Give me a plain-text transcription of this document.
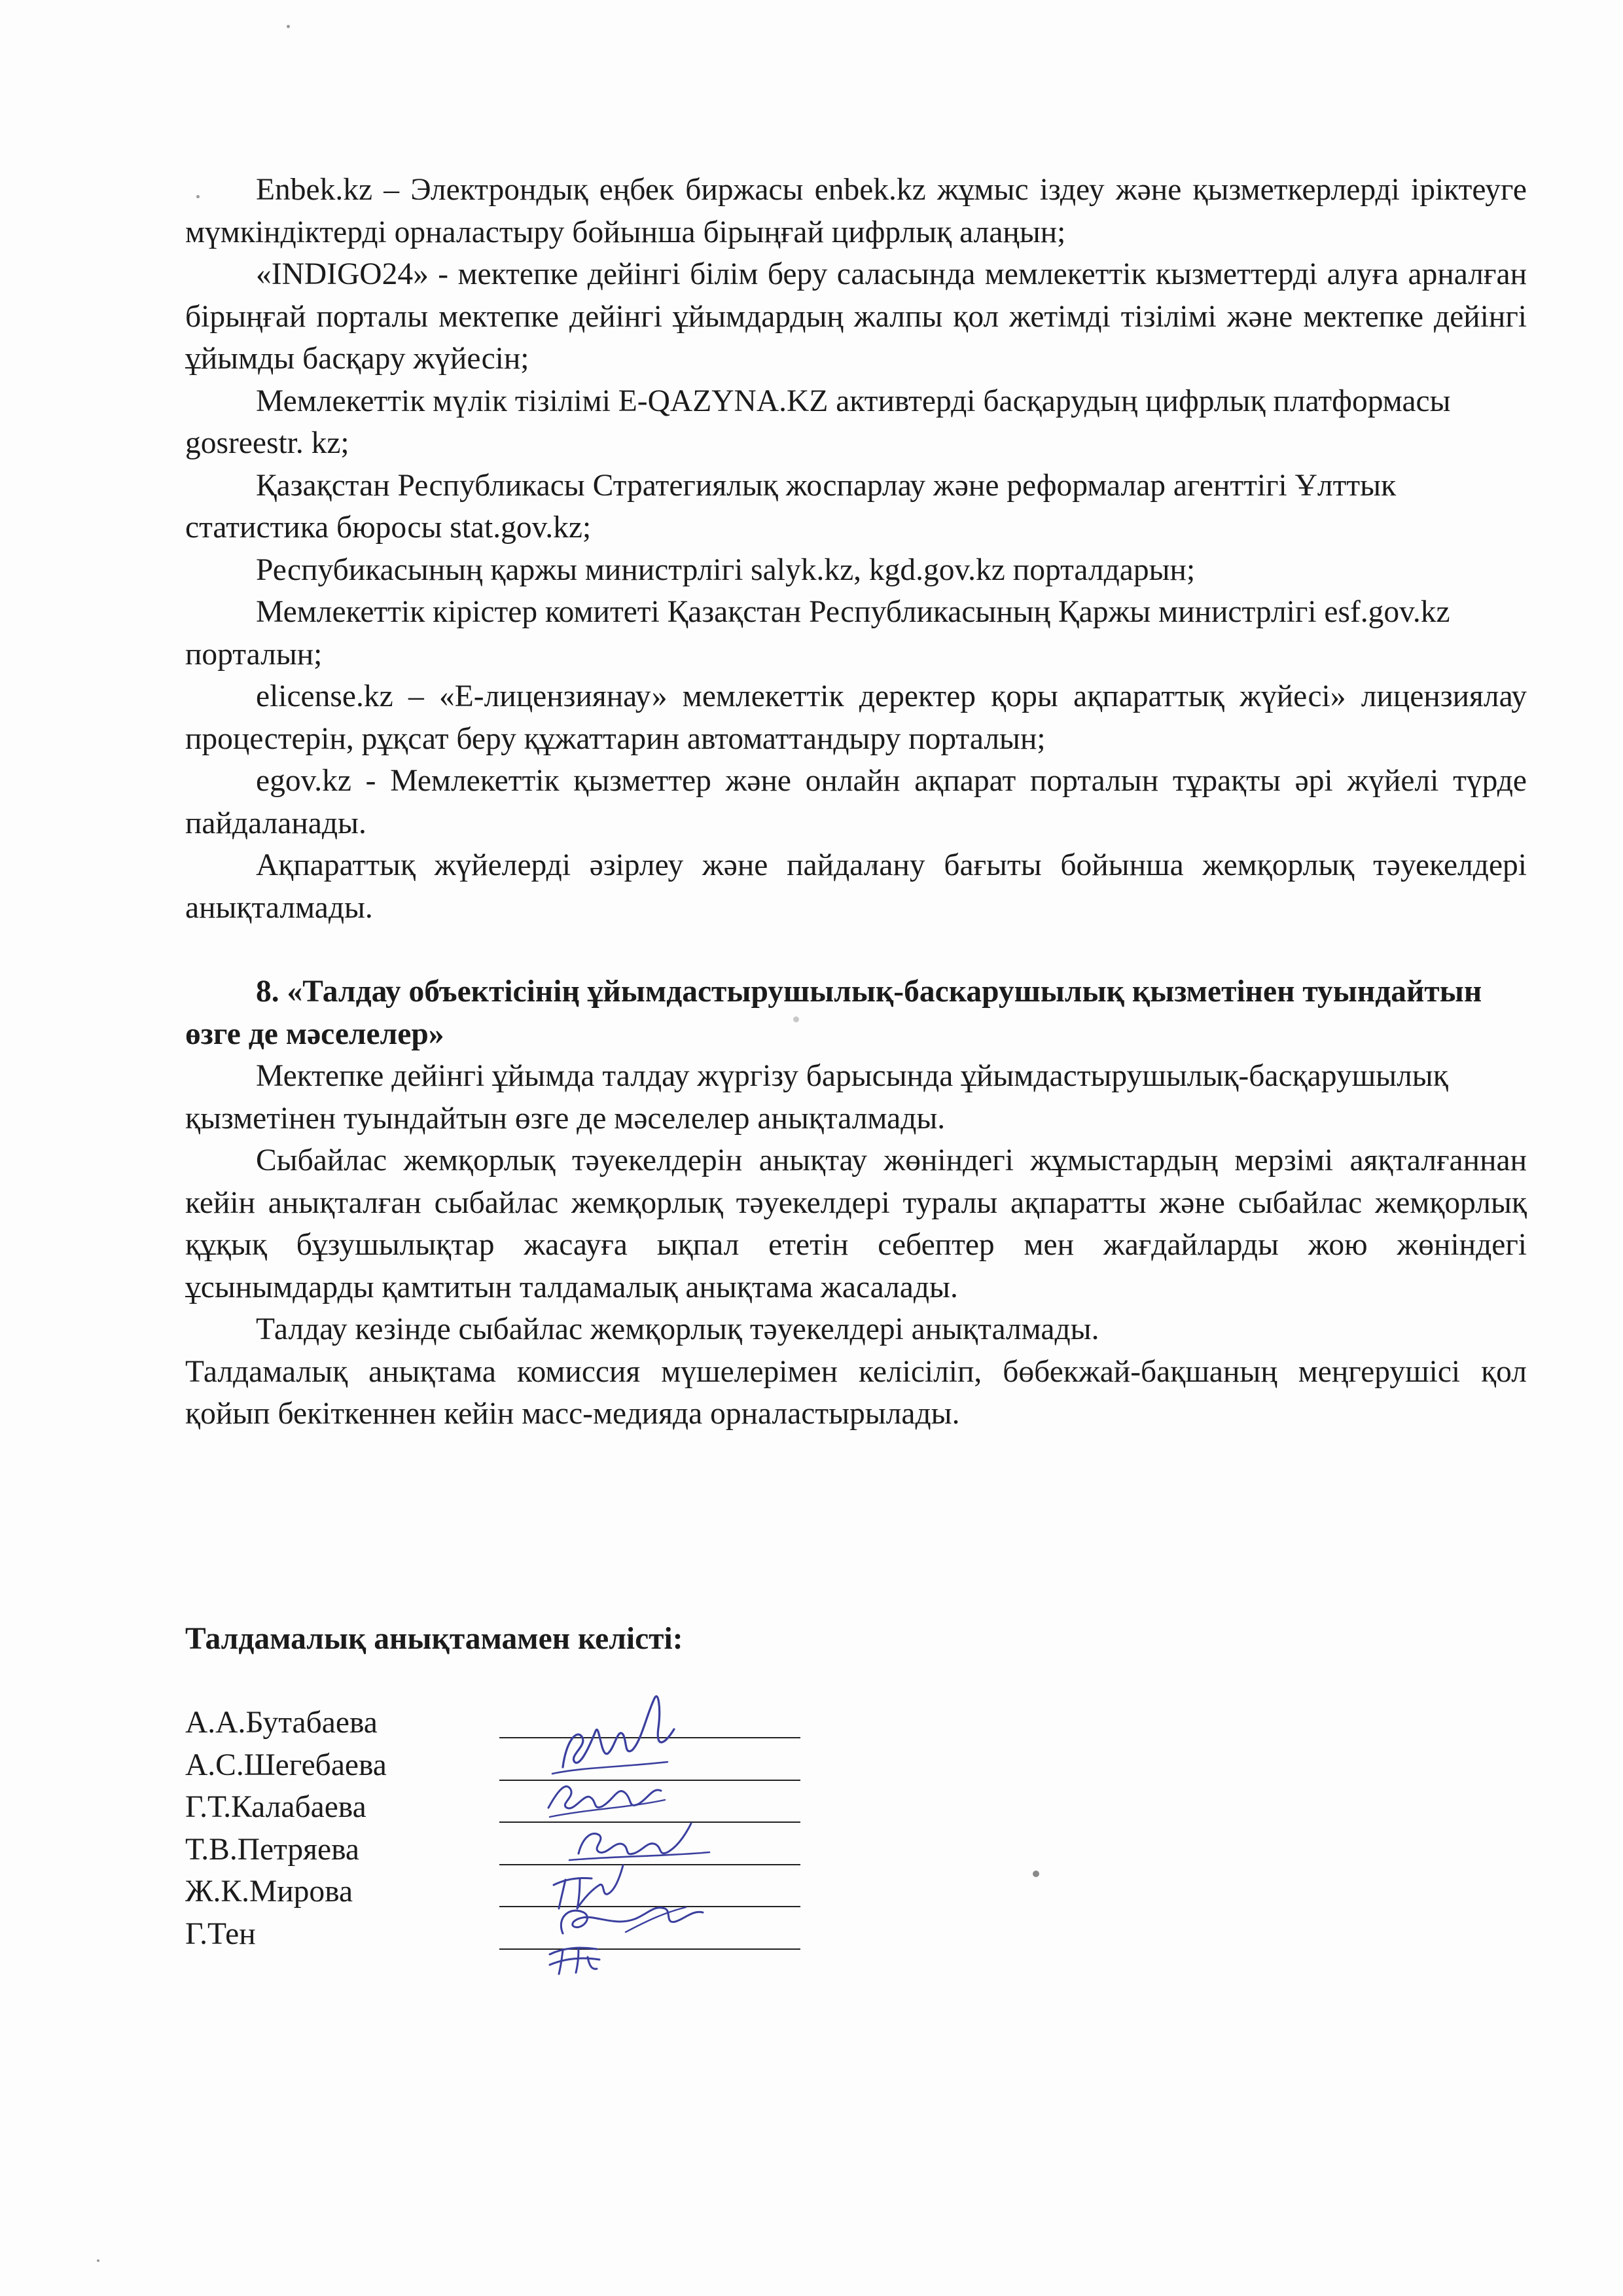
Enbek.kz – Электрондық еңбек биржасы enbek.kz жұмыс іздеу және қызметкерлерді іріктеуге мүмкіндіктерді орналастыру бойынша бірыңғай цифрлық алаңын;

«INDIGO24» - мектепке дейінгі білім беру саласында мемлекеттік кызметтерді алуға арналған бірыңғай порталы мектепке дейінгі ұйымдардың жалпы қол жетімді тізілімі және мектепке дейінгі ұйымды басқару жүйесін;

Мемлекеттік мүлік тізілімі E-QAZYNA.KZ активтерді басқарудың цифрлық платформасы gosreestr. kz;

Қазақстан Республикасы Стратегиялық жоспарлау және реформалар агенттігі Ұлттык статистика бюросы stat.gov.kz;

Респубикасының қаржы министрлігі salyk.kz, kgd.gov.kz порталдарын;

Мемлекеттік кірістер комитеті Қазақстан Республикасының Қаржы министрлігі esf.gov.kz порталын;

elicense.kz – «Е-лицензиянау» мемлекеттік деректер қоры ақпараттық жүйесі» лицензиялау процестерін, рұқсат беру құжаттарин автоматтандыру порталын;

egov.kz - Мемлекеттік қызметтер және онлайн ақпарат порталын тұрақты әрі жүйелі түрде пайдаланады.

Ақпараттық жүйелерді әзірлеу және пайдалану бағыты бойынша жемқорлық тәуекелдері анықталмады.

8. «Талдау объектісінің ұйымдастырушылық-баскарушылық қызметінен туындайтын өзге де мәселелер»

Мектепке дейінгі ұйымда талдау жүргізу барысында ұйымдастырушылық-басқарушылық қызметінен туындайтын өзге де мәселелер анықталмады.

Сыбайлас жемқорлық тәуекелдерін анықтау жөніндегі жұмыстардың мерзімі аяқталғаннан кейін анықталған сыбайлас жемқорлық тәуекелдері туралы ақпаратты және сыбайлас жемқорлық құқық бұзушылықтар жасауға ықпал ететін себептер мен жағдайларды жою жөніндегі ұсынымдарды қамтитын талдамалық анықтама жасалады.

Талдау кезінде сыбайлас жемқорлық тәуекелдері анықталмады.

Талдамалық анықтама комиссия мүшелерімен келісіліп, бөбекжай-бақшаның меңгерушісі қол қойып бекіткеннен кейін масс-медияда орналастырылады.

Талдамалық анықтамамен келісті:

А.А.Бутабаева
А.С.Шегебаева
Г.Т.Калабаева
Т.В.Петряева
Ж.К.Мирова
Г.Тен
